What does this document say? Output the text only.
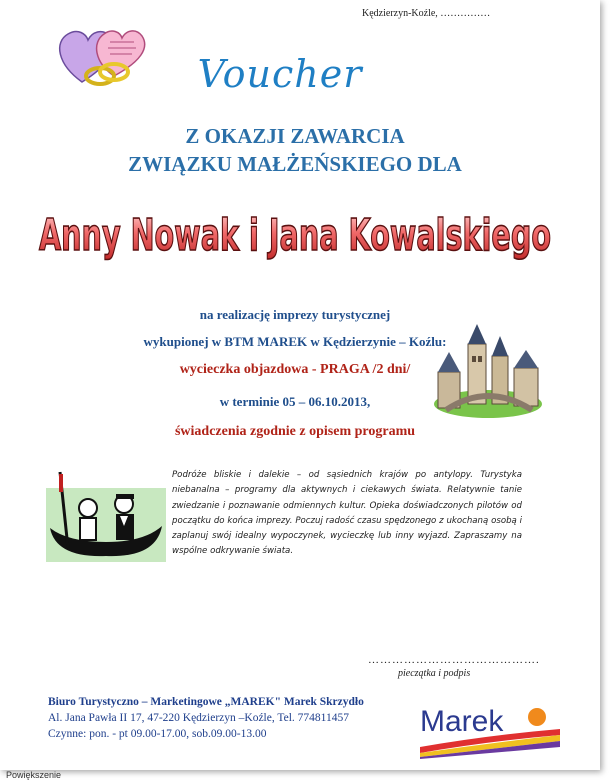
Kędzierzyn-Koźle, ……………
Voucher
Z OKAZJI ZAWARCIA
ZWIĄZKU MAŁŻEŃSKIEGO DLA
Anny Nowak i Jana Kowalskiego
na realizację imprezy turystycznej
wykupionej w BTM MAREK w Kędzierzynie – Koźlu:
wycieczka objazdowa - PRAGA /2 dni/
w terminie 05 – 06.10.2013,
świadczenia zgodnie z opisem programu
Podróże bliskie i dalekie – od sąsiednich krajów po antylopy. Turystyka niebanalna – programy dla aktywnych i ciekawych świata. Relatywnie tanie zwiedzanie i poznawanie odmiennych kultur. Opieka doświadczonych pilotów od początku do końca imprezy. Poczuj radość czasu spędzonego z ukochaną osobą i zaplanuj swój idealny wypoczynek, wycieczkę lub inny wyjazd. Zapraszamy na wspólne odkrywanie świata.
…………………………………….
pieczątka i podpis
Biuro Turystyczno – Marketingowe „MAREK" Marek Skrzydło
Al. Jana Pawła II 17, 47-220 Kędzierzyn –Koźle, Tel. 774811457
Czynne: pon. - pt 09.00-17.00, sob.09.00-13.00	Marek
Powiększenie
